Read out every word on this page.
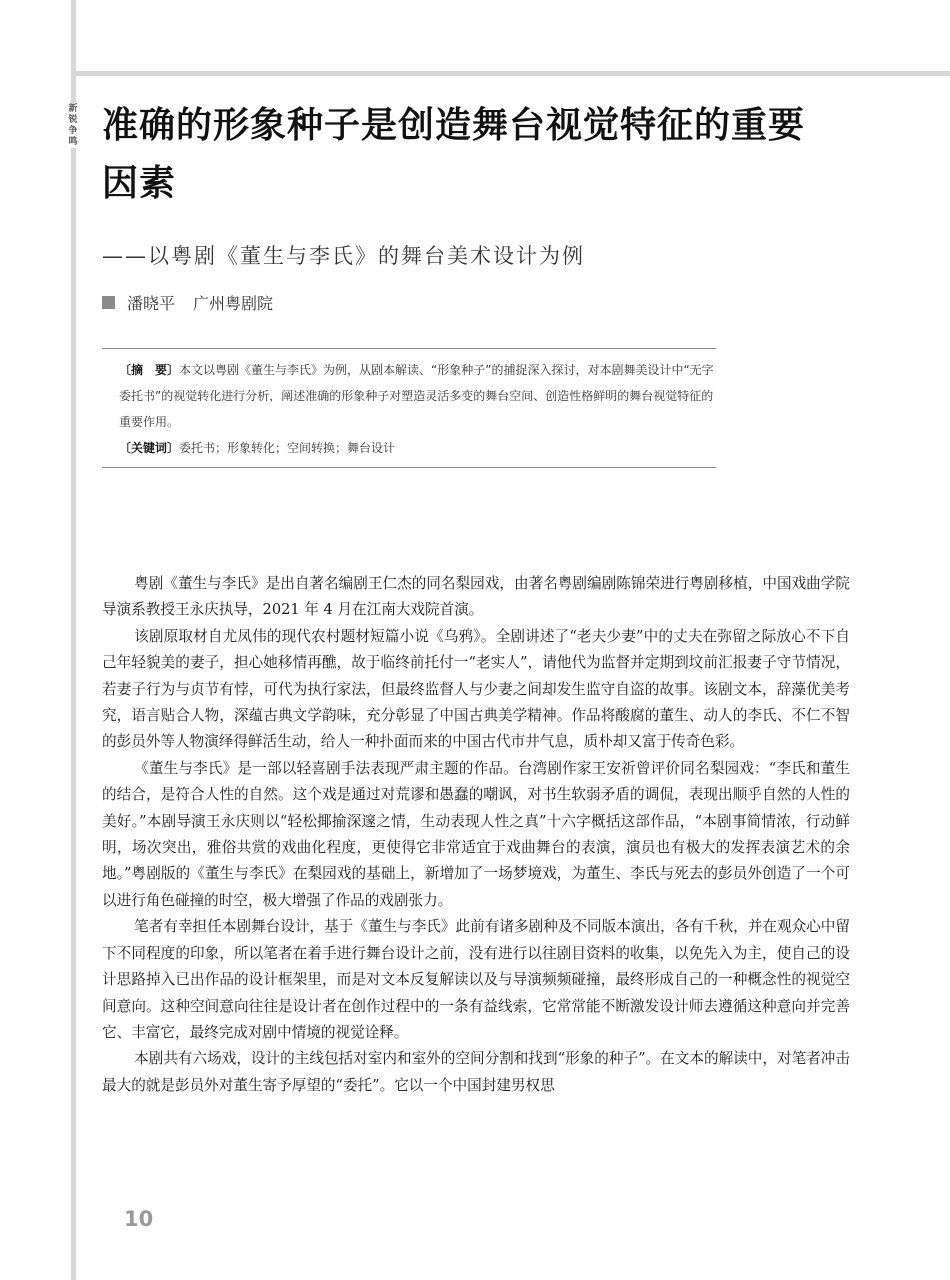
新锐争鸣 准确的形象种子是创造舞台视觉特征的重要因素
——以粤剧《董生与李氏》的舞台美术设计为例
潘晓平 广州粤剧院

〔摘　要〕本文以粤剧《董生与李氏》为例，从剧本解读、“形象种子”的捕捉深入探讨，对本剧舞美设计中“无字委托书”的视觉转化进行分析，阐述准确的形象种子对塑造灵活多变的舞台空间、创造性格鲜明的舞台视觉特征的重要作用。

〔关键词〕委托书；形象转化；空间转换；舞台设计

粤剧《董生与李氏》是出自著名编剧王仁杰的同名梨园戏，由著名粤剧编剧陈锦荣进行粤剧移植，中国戏曲学院导演系教授王永庆执导，2021 年 4 月在江南大戏院首演。

该剧原取材自尤凤伟的现代农村题材短篇小说《乌鸦》。全剧讲述了“老夫少妻”中的丈夫在弥留之际放心不下自己年轻貌美的妻子，担心她移情再醮，故于临终前托付一“老实人”，请他代为监督并定期到坟前汇报妻子守节情况，若妻子行为与贞节有悖，可代为执行家法，但最终监督人与少妻之间却发生监守自盗的故事。该剧文本，辞藻优美考究，语言贴合人物，深蕴古典文学韵味，充分彰显了中国古典美学精神。作品将酸腐的董生、动人的李氏、不仁不智的彭员外等人物演绎得鲜活生动，给人一种扑面而来的中国古代市井气息，质朴却又富于传奇色彩。

《董生与李氏》是一部以轻喜剧手法表现严肃主题的作品。台湾剧作家王安祈曾评价同名梨园戏：“李氏和董生的结合，是符合人性的自然。这个戏是通过对荒谬和愚蠢的嘲讽，对书生软弱矛盾的调侃，表现出顺乎自然的人性的美好。”本剧导演王永庆则以“轻松揶揄深邃之情，生动表现人性之真”十六字概括这部作品，“本剧事简情浓，行动鲜明，场次突出，雅俗共赏的戏曲化程度，更使得它非常适宜于戏曲舞台的表演，演员也有极大的发挥表演艺术的余地。”粤剧版的《董生与李氏》在梨园戏的基础上，新增加了一场梦境戏，为董生、李氏与死去的彭员外创造了一个可以进行角色碰撞的时空，极大增强了作品的戏剧张力。

笔者有幸担任本剧舞台设计，基于《董生与李氏》此前有诸多剧种及不同版本演出，各有千秋，并在观众心中留下不同程度的印象，所以笔者在着手进行舞台设计之前，没有进行以往剧目资料的收集，以免先入为主，使自己的设计思路掉入已出作品的设计框架里，而是对文本反复解读以及与导演频频碰撞，最终形成自己的一种概念性的视觉空间意向。这种空间意向往往是设计者在创作过程中的一条有益线索，它常常能不断激发设计师去遵循这种意向并完善它、丰富它，最终完成对剧中情境的视觉诠释。

本剧共有六场戏，设计的主线包括对室内和室外的空间分割和找到“形象的种子”。在文本的解读中，对笔者冲击最大的就是彭员外对董生寄予厚望的“委托”。它以一个中国封建男权思

10
